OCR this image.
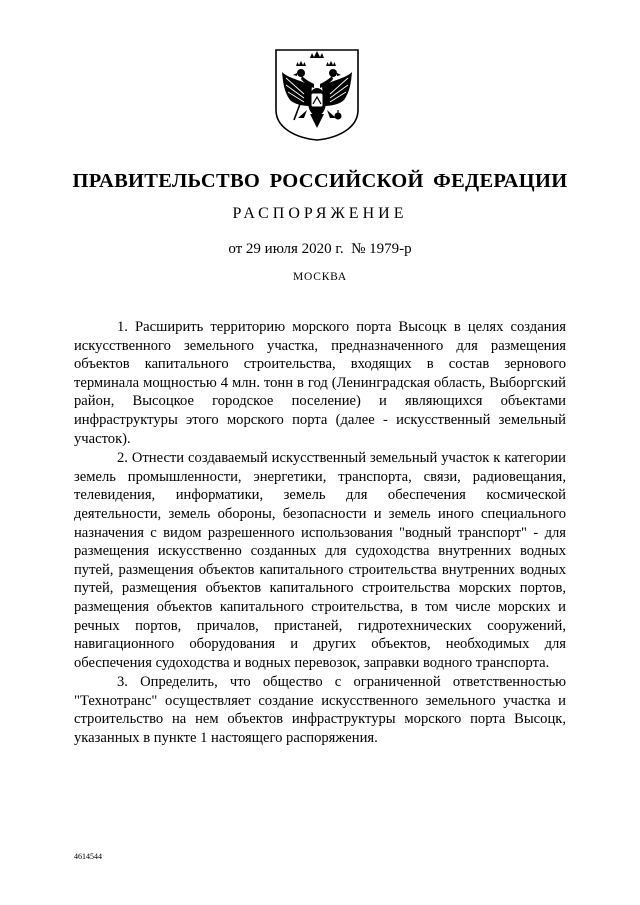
ПРАВИТЕЛЬСТВО РОССИЙСКОЙ ФЕДЕРАЦИИ
РАСПОРЯЖЕНИЕ
от 29 июля 2020 г.  № 1979-р
МОСКВА

1. Расширить территорию морского порта Высоцк в целях создания искусственного земельного участка, предназначенного для размещения объектов капитального строительства, входящих в состав зернового терминала мощностью 4 млн. тонн в год (Ленинградская область, Выборгский район, Высоцкое городское поселение) и являющихся объектами инфраструктуры этого морского порта (далее - искусственный земельный участок).

2. Отнести создаваемый искусственный земельный участок к категории земель промышленности, энергетики, транспорта, связи, радиовещания, телевидения, информатики, земель для обеспечения космической деятельности, земель обороны, безопасности и земель иного специального назначения с видом разрешенного использования "водный транспорт" - для размещения искусственно созданных для судоходства внутренних водных путей, размещения объектов капитального строительства внутренних водных путей, размещения объектов капитального строительства морских портов, размещения объектов капитального строительства, в том числе морских и речных портов, причалов, пристаней, гидротехнических сооружений, навигационного оборудования и других объектов, необходимых для обеспечения судоходства и водных перевозок, заправки водного транспорта.

3. Определить, что общество с ограниченной ответственностью "Технотранс" осуществляет создание искусственного земельного участка и строительство на нем объектов инфраструктуры морского порта Высоцк, указанных в пункте 1 настоящего распоряжения.

4614544
